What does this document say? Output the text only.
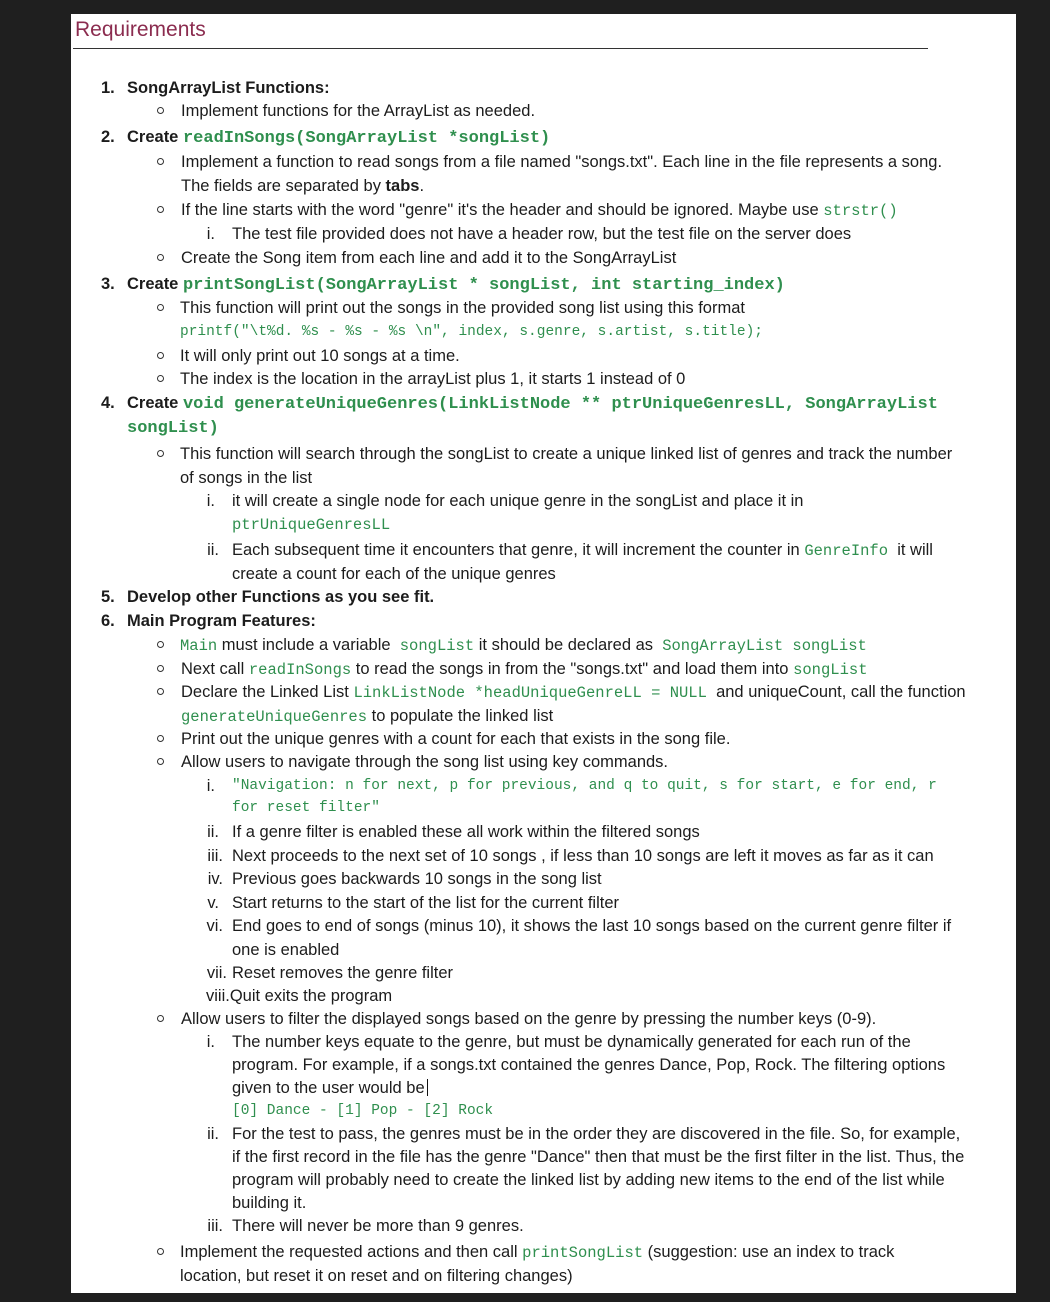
Requirements
1. SongArrayList Functions:
Implement functions for the ArrayList as needed.
2. Create readInSongs(SongArrayList *songList)
Implement a function to read songs from a file named "songs.txt". Each line in the file represents a song.
The fields are separated by tabs.
If the line starts with the word "genre" it's the header and should be ignored. Maybe use strstr()
i. The test file provided does not have a header row, but the test file on the server does
Create the Song item from each line and add it to the SongArrayList
3. Create printSongList(SongArrayList * songList, int starting_index)
This function will print out the songs in the provided song list using this format
printf("\t%d. %s - %s - %s \n", index, s.genre, s.artist, s.title);
It will only print out 10 songs at a time.
The index is the location in the arrayList plus 1, it starts 1 instead of 0
4. Create void generateUniqueGenres(LinkListNode ** ptrUniqueGenresLL, SongArrayList
songList)
This function will search through the songList to create a unique linked list of genres and track the number
of songs in the list
i. it will create a single node for each unique genre in the songList and place it in
ptrUniqueGenresLL
ii. Each subsequent time it encounters that genre, it will increment the counter in GenreInfo  it will
create a count for each of the unique genres
5. Develop other Functions as you see fit.
6. Main Program Features:
Main must include a variable  songList it should be declared as  SongArrayList songList
Next call readInSongs to read the songs in from the "songs.txt" and load them into songList
Declare the Linked List LinkListNode *headUniqueGenreLL = NULL  and uniqueCount, call the function
generateUniqueGenres to populate the linked list
Print out the unique genres with a count for each that exists in the song file.
Allow users to navigate through the song list using key commands.
i. "Navigation: n for next, p for previous, and q to quit, s for start, e for end, r
for reset filter"
ii. If a genre filter is enabled these all work within the filtered songs
iii. Next proceeds to the next set of 10 songs , if less than 10 songs are left it moves as far as it can
iv. Previous goes backwards 10 songs in the song list
v. Start returns to the start of the list for the current filter
vi. End goes to end of songs (minus 10), it shows the last 10 songs based on the current genre filter if
one is enabled
vii. Reset removes the genre filter
viii.Quit exits the program
Allow users to filter the displayed songs based on the genre by pressing the number keys (0-9).
i. The number keys equate to the genre, but must be dynamically generated for each run of the
program. For example, if a songs.txt contained the genres Dance, Pop, Rock. The filtering options
given to the user would be
[0] Dance - [1] Pop - [2] Rock
ii. For the test to pass, the genres must be in the order they are discovered in the file. So, for example,
if the first record in the file has the genre "Dance" then that must be the first filter in the list. Thus, the
program will probably need to create the linked list by adding new items to the end of the list while
building it.
iii. There will never be more than 9 genres.
Implement the requested actions and then call printSongList (suggestion: use an index to track
location, but reset it on reset and on filtering changes)
